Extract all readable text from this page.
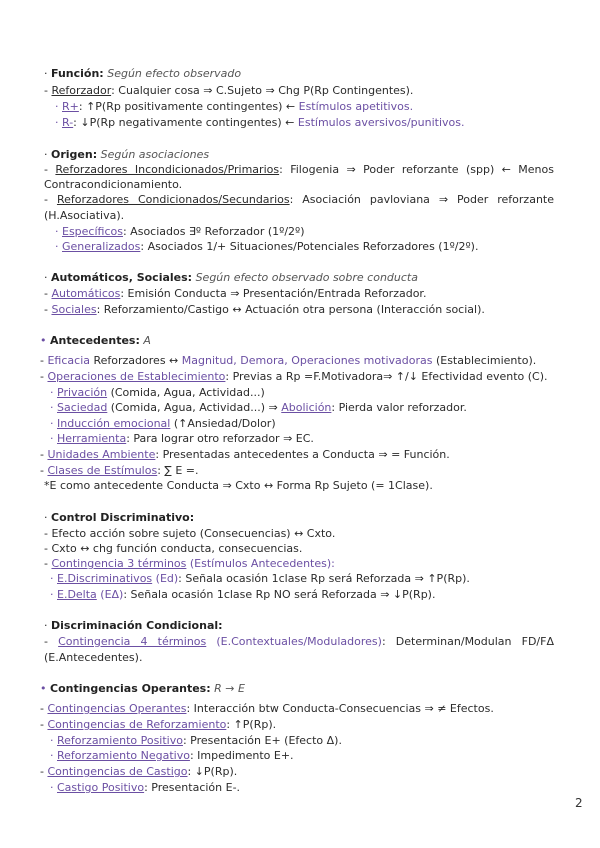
· Función: Según efecto observado
- Reforzador: Cualquier cosa ⇒ C.Sujeto ⇒ Chg P(Rp Contingentes).
· R+: ↑P(Rp positivamente contingentes) ← Estímulos apetitivos.
· R-: ↓P(Rp negativamente contingentes) ← Estímulos aversivos/punitivos.
· Origen: Según asociaciones
- Reforzadores Incondicionados/Primarios: Filogenia ⇒ Poder reforzante (spp) ← Menos
Contracondicionamiento.
- Reforzadores Condicionados/Secundarios: Asociación pavloviana ⇒ Poder reforzante
(H.Asociativa).
· Específicos: Asociados ∃º Reforzador (1º/2º)
· Generalizados: Asociados 1/+ Situaciones/Potenciales Reforzadores (1º/2º).
· Automáticos, Sociales: Según efecto observado sobre conducta
- Automáticos: Emisión Conducta ⇒ Presentación/Entrada Reforzador.
- Sociales: Reforzamiento/Castigo ↔ Actuación otra persona (Interacción social).
• Antecedentes: A
- Eficacia Reforzadores ↔ Magnitud, Demora, Operaciones motivadoras (Establecimiento).
- Operaciones de Establecimiento: Previas a Rp =F.Motivadora⇒ ↑/↓ Efectividad evento (C).
· Privación (Comida, Agua, Actividad...)
· Saciedad (Comida, Agua, Actividad...) ⇒ Abolición: Pierda valor reforzador.
· Inducción emocional (↑Ansiedad/Dolor)
· Herramienta: Para lograr otro reforzador ⇒ EC.
- Unidades Ambiente: Presentadas antecedentes a Conducta ⇒ = Función.
- Clases de Estímulos: ∑ E =.
*E como antecedente Conducta ⇒ Cxto ↔ Forma Rp Sujeto (= 1Clase).
· Control Discriminativo:
- Efecto acción sobre sujeto (Consecuencias) ↔ Cxto.
- Cxto ↔ chg función conducta, consecuencias.
- Contingencia 3 términos (Estímulos Antecedentes):
· E.Discriminativos (Ed): Señala ocasión 1clase Rp será Reforzada ⇒ ↑P(Rp).
· E.Delta (EΔ): Señala ocasión 1clase Rp NO será Reforzada ⇒ ↓P(Rp).
· Discriminación Condicional:
- Contingencia 4 términos (E.Contextuales/Moduladores): Determinan/Modulan FD/FΔ
(E.Antecedentes).
• Contingencias Operantes: R → E
- Contingencias Operantes: Interacción btw Conducta-Consecuencias ⇒ ≠ Efectos.
- Contingencias de Reforzamiento: ↑P(Rp).
· Reforzamiento Positivo: Presentación E+ (Efecto Δ).
· Reforzamiento Negativo: Impedimento E+.
- Contingencias de Castigo: ↓P(Rp).
· Castigo Positivo: Presentación E-.
2
